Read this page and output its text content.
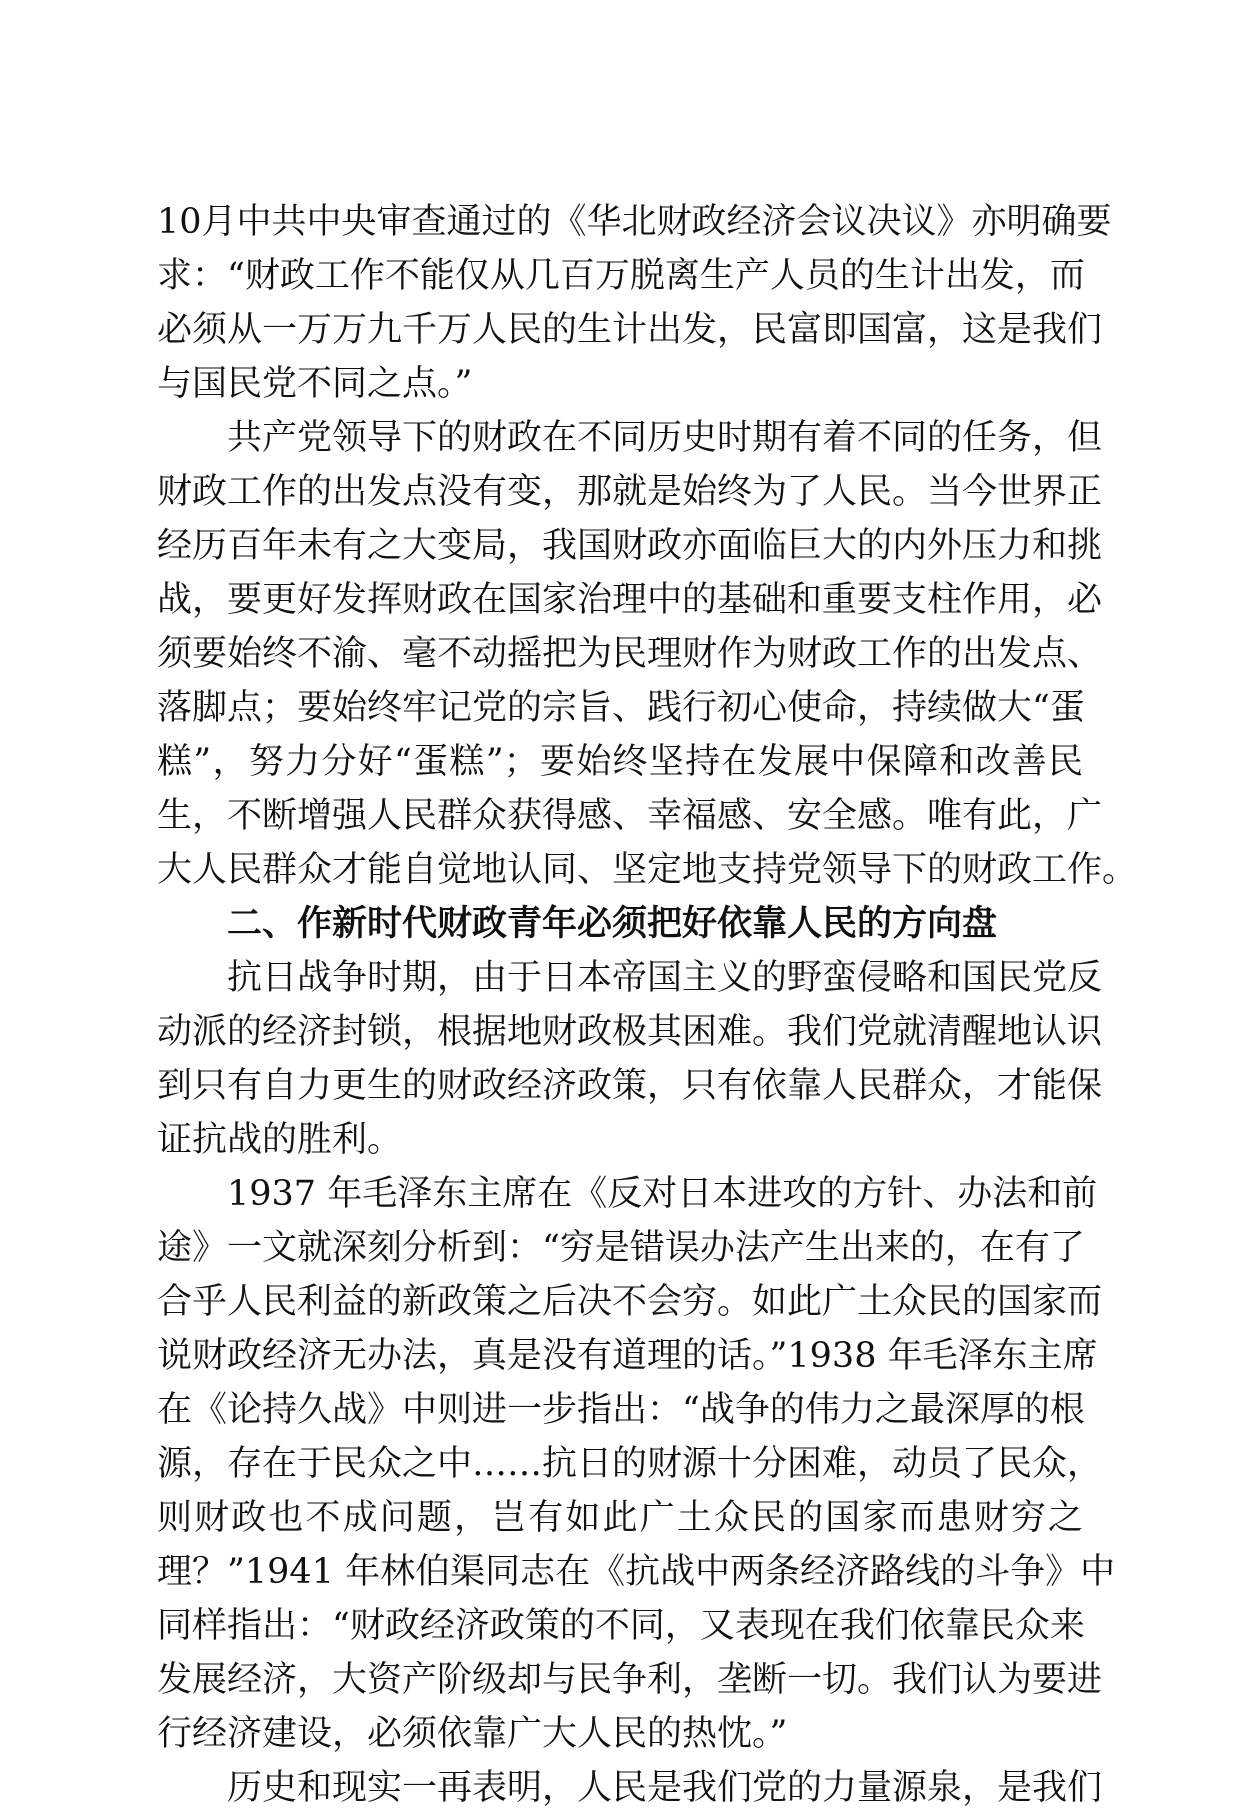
10月中共中央审查通过的《华北财政经济会议决议》亦明确要
求：“财政工作不能仅从几百万脱离生产人员的生计出发，而
必须从一万万九千万人民的生计出发，民富即国富，这是我们
与国民党不同之点。”
共产党领导下的财政在不同历史时期有着不同的任务，但
财政工作的出发点没有变，那就是始终为了人民。当今世界正
经历百年未有之大变局，我国财政亦面临巨大的内外压力和挑
战，要更好发挥财政在国家治理中的基础和重要支柱作用，必
须要始终不渝、毫不动摇把为民理财作为财政工作的出发点、
落脚点；要始终牢记党的宗旨、践行初心使命，持续做大“蛋
糕”，努力分好“蛋糕”；要始终坚持在发展中保障和改善民
生，不断增强人民群众获得感、幸福感、安全感。唯有此，广
大人民群众才能自觉地认同、坚定地支持党领导下的财政工作。
二、作新时代财政青年必须把好依靠人民的方向盘
抗日战争时期，由于日本帝国主义的野蛮侵略和国民党反
动派的经济封锁，根据地财政极其困难。我们党就清醒地认识
到只有自力更生的财政经济政策，只有依靠人民群众，才能保
证抗战的胜利。
1937 年毛泽东主席在《反对日本进攻的方针、办法和前
途》一文就深刻分析到：“穷是错误办法产生出来的，在有了
合乎人民利益的新政策之后决不会穷。如此广土众民的国家而
说财政经济无办法，真是没有道理的话。”1938 年毛泽东主席
在《论持久战》中则进一步指出：“战争的伟力之最深厚的根
源，存在于民众之中……抗日的财源十分困难，动员了民众，
则财政也不成问题，岂有如此广土众民的国家而患财穷之
理？”1941 年林伯渠同志在《抗战中两条经济路线的斗争》中
同样指出：“财政经济政策的不同，又表现在我们依靠民众来
发展经济，大资产阶级却与民争利，垄断一切。我们认为要进
行经济建设，必须依靠广大人民的热忱。”
历史和现实一再表明，人民是我们党的力量源泉，是我们
